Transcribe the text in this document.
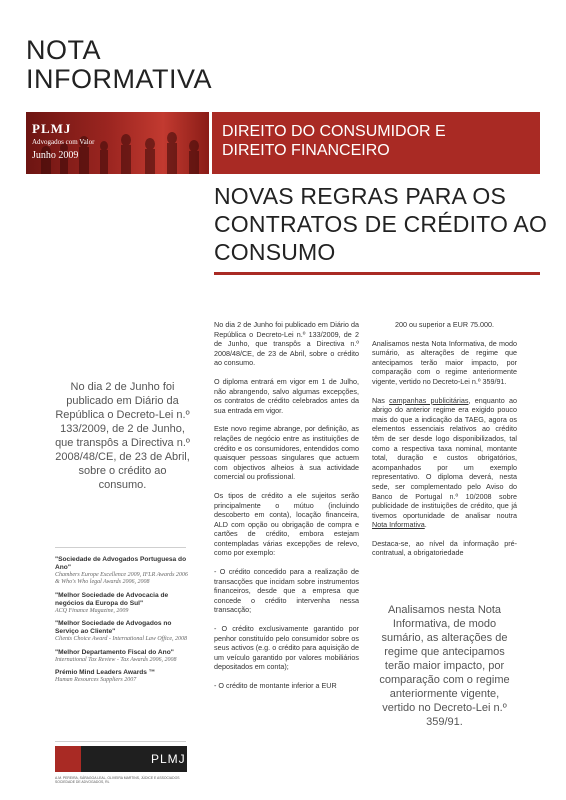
NOTA
INFORMATIVA
PLMJ
Advogados com Valor
Junho 2009
DIREITO DO CONSUMIDOR E
DIREITO FINANCEIRO
NOVAS REGRAS PARA OS
CONTRATOS DE CRÉDITO AO
CONSUMO
No dia 2 de Junho foi publicado em Diário da República o Decreto-Lei n.º 133/2009, de 2 de Junho, que transpôs a Directiva n.º 2008/48/CE, de 23 de Abril, sobre o crédito ao consumo.

No dia 2 de Junho foi publicado em Diário da República o Decreto-Lei n.º 133/2009, de 2 de Junho, que transpôs a Directiva n.º 2008/48/CE, de 23 de Abril, sobre o crédito ao consumo.

O diploma entrará em vigor em 1 de Julho, não abrangendo, salvo algumas excepções, os contratos de crédito celebrados antes da sua entrada em vigor.

Este novo regime abrange, por definição, as relações de negócio entre as instituições de crédito e os consumidores, entendidos como quaisquer pessoas singulares que actuem com objectivos alheios à sua actividade comercial ou profissional.

Os tipos de crédito a ele sujeitos serão principalmente o mútuo (incluindo descoberto em conta), locação financeira, ALD com opção ou obrigação de compra e cartões de crédito, embora estejam contempladas várias excepções de relevo, como por exemplo:

- O crédito concedido para a realização de transacções que incidam sobre instrumentos financeiros, desde que a empresa que concede o crédito intervenha nessa transacção;

- O crédito exclusivamente garantido por penhor constituído pelo consumidor sobre os seus activos (e.g. o crédito para aquisição de um veículo garantido por valores mobiliários depositados em conta);

- O crédito de montante inferior a EUR

200 ou superior a EUR 75.000.

Analisamos nesta Nota Informativa, de modo sumário, as alterações de regime que antecipamos terão maior impacto, por comparação com o regime anteriormente vigente, vertido no Decreto-Lei n.º 359/91.

Nas campanhas publicitárias, enquanto ao abrigo do anterior regime era exigido pouco mais do que a indicação da TAEG, agora os elementos essenciais relativos ao crédito têm de ser desde logo disponibilizados, tal como a respectiva taxa nominal, montante total, duração e custos obrigatórios, acompanhados por um exemplo representativo. O diploma deverá, nesta sede, ser complementado pelo Aviso do Banco de Portugal n.º 10/2008 sobre publicidade de instituições de crédito, que já tivemos oportunidade de analisar noutra Nota Informativa.

Destaca-se, ao nível da informação pré-contratual, a obrigatoriedade

Analisamos nesta Nota Informativa, de modo sumário, as alterações de regime que antecipamos terão maior impacto, por comparação com o regime anteriormente vigente, vertido no Decreto-Lei n.º 359/91.
"Sociedade de Advogados Portuguesa do Ano"
Chambers Europe Excellence 2009, IFLR Awards 2006 & Who's Who legal Awards 2006, 2008
"Melhor Sociedade de Advocacia de negócios da Europa do Sul"
ACQ Finance Magazine, 2009
"Melhor Sociedade de Advogados no Serviço ao Cliente"
Clients Choice Award - International Law Office, 2008
"Melhor Departamento Fiscal do Ano"
International Tax Review - Tax Awards 2006, 2008
Prémio Mind Leaders Awards ™
Human Resources Suppliers 2007
PLMJ
A.M. PEREIRA, SÁRAGGA LEAL, OLIVEIRA MARTINS, JÚDICE E ASSOCIADOS SOCIEDADE DE ADVOGADOS, RL
